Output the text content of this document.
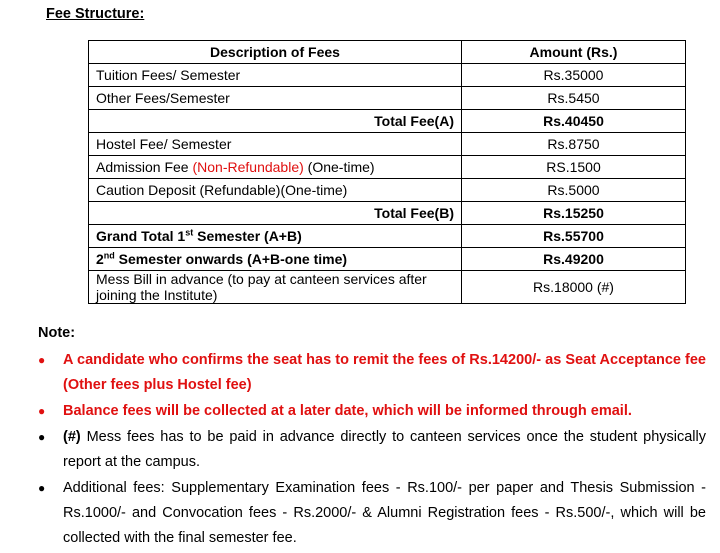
Fee Structure:
Description of Fees	Amount (Rs.)
Tuition Fees/ Semester	Rs.35000
Other Fees/Semester	Rs.5450
Total Fee(A)	Rs.40450
Hostel Fee/ Semester	Rs.8750
Admission Fee (Non-Refundable) (One-time)	RS.1500
Caution Deposit (Refundable)(One-time)	Rs.5000
Total Fee(B)	Rs.15250
Grand Total 1st Semester (A+B)	Rs.55700
2nd Semester onwards (A+B-one time)	Rs.49200
Mess Bill in advance (to pay at canteen services after
joining the Institute)	Rs.18000 (#)
Note:
●	A candidate who confirms the seat has to remit the fees of Rs.14200/- as Seat Acceptance fee (Other fees plus Hostel fee)
●	Balance fees will be collected at a later date, which will be informed through email.
●	(#) Mess fees has to be paid in advance directly to canteen services once the student physically report at the campus.
●	Additional fees: Supplementary Examination fees - Rs.100/- per paper and Thesis Submission - Rs.1000/- and Convocation fees - Rs.2000/- & Alumni Registration fees - Rs.500/-, which will be collected with the final semester fee.
